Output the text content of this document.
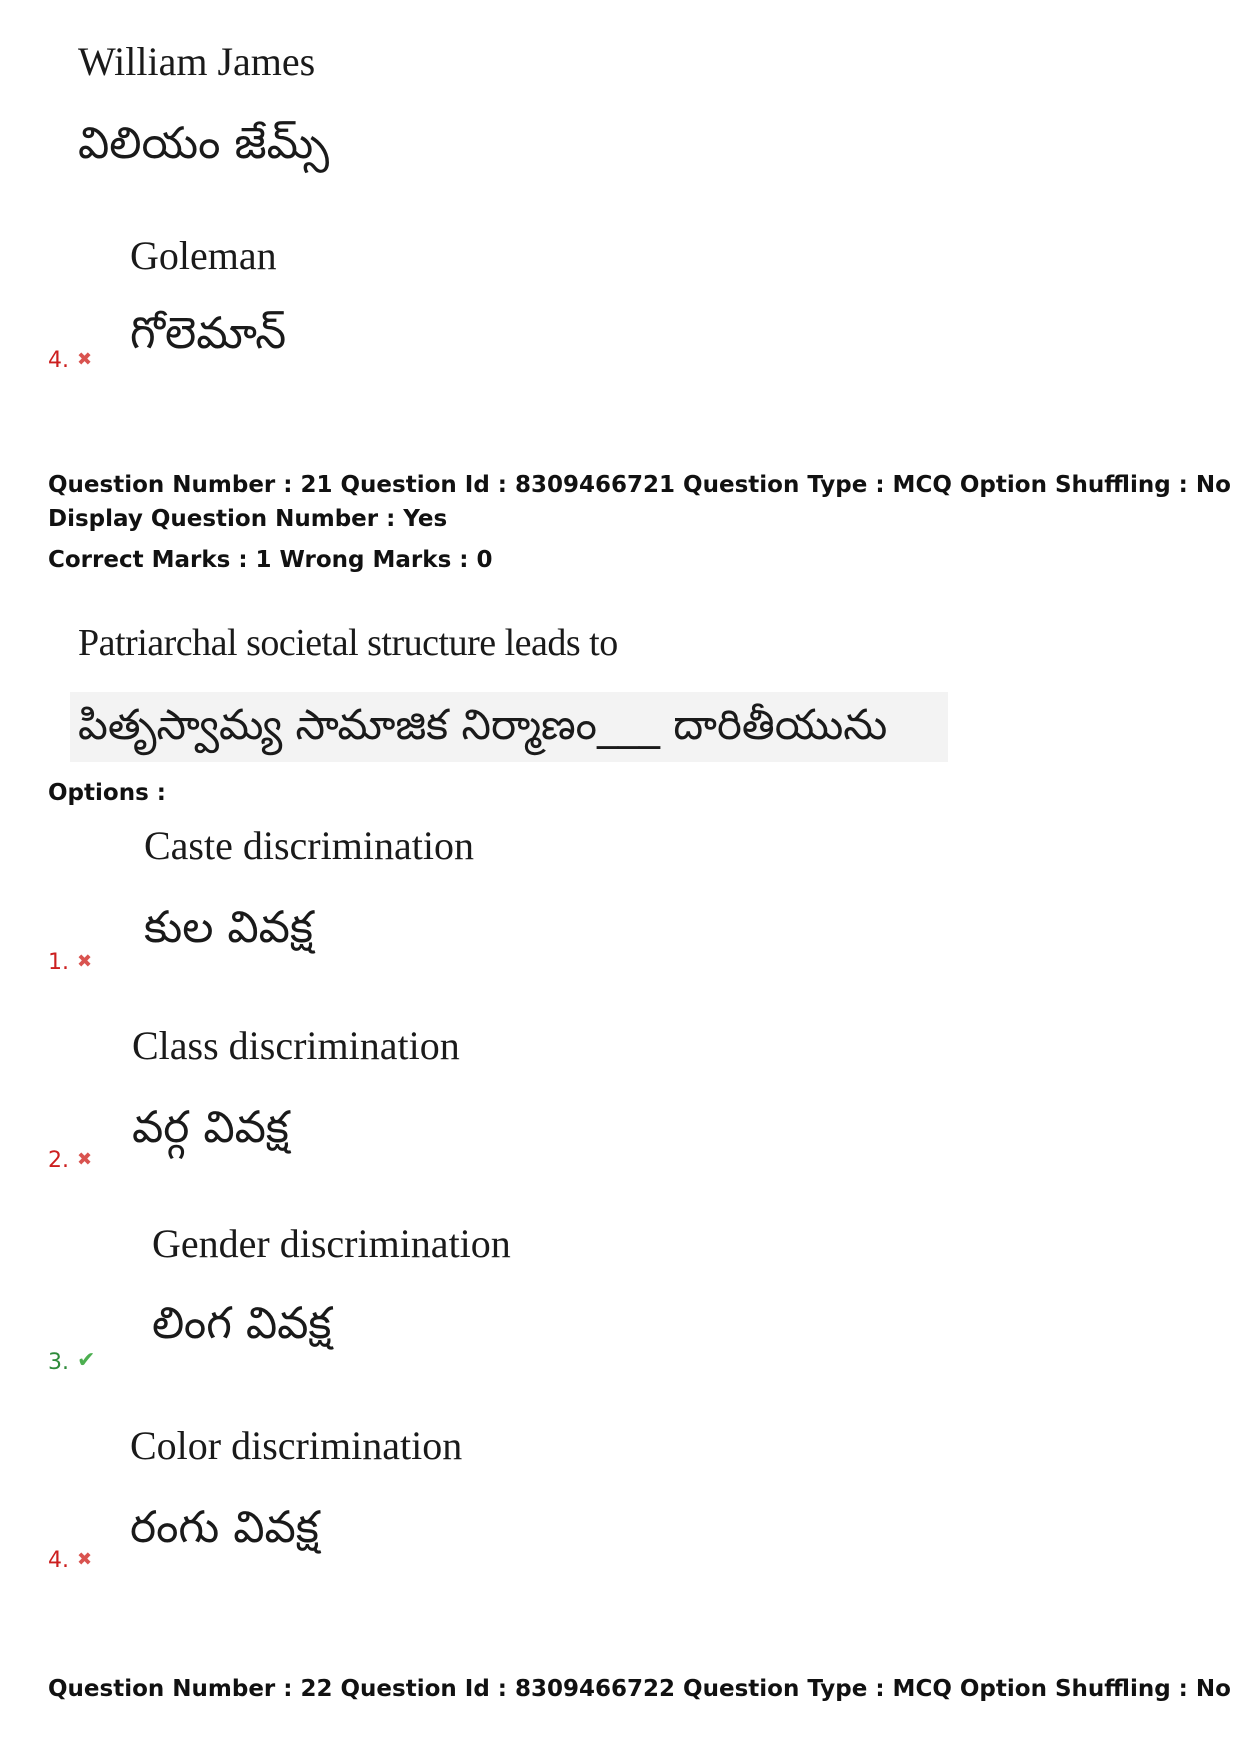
William James
విలియం జేమ్స్
Goleman
గోలెమాన్
4. ✖
Question Number : 21 Question Id : 8309466721 Question Type : MCQ Option Shuffling : No
Display Question Number : Yes
Correct Marks : 1 Wrong Marks : 0
Patriarchal societal structure leads to
పితృస్వామ్య సామాజిక నిర్మాణం___ దారితీయును
Options :
Caste discrimination
కుల వివక్ష
1. ✖
Class discrimination
వర్గ వివక్ష
2. ✖
Gender discrimination
లింగ వివక్ష
3. ✔
Color discrimination
రంగు వివక్ష
4. ✖
Question Number : 22 Question Id : 8309466722 Question Type : MCQ Option Shuffling : No
